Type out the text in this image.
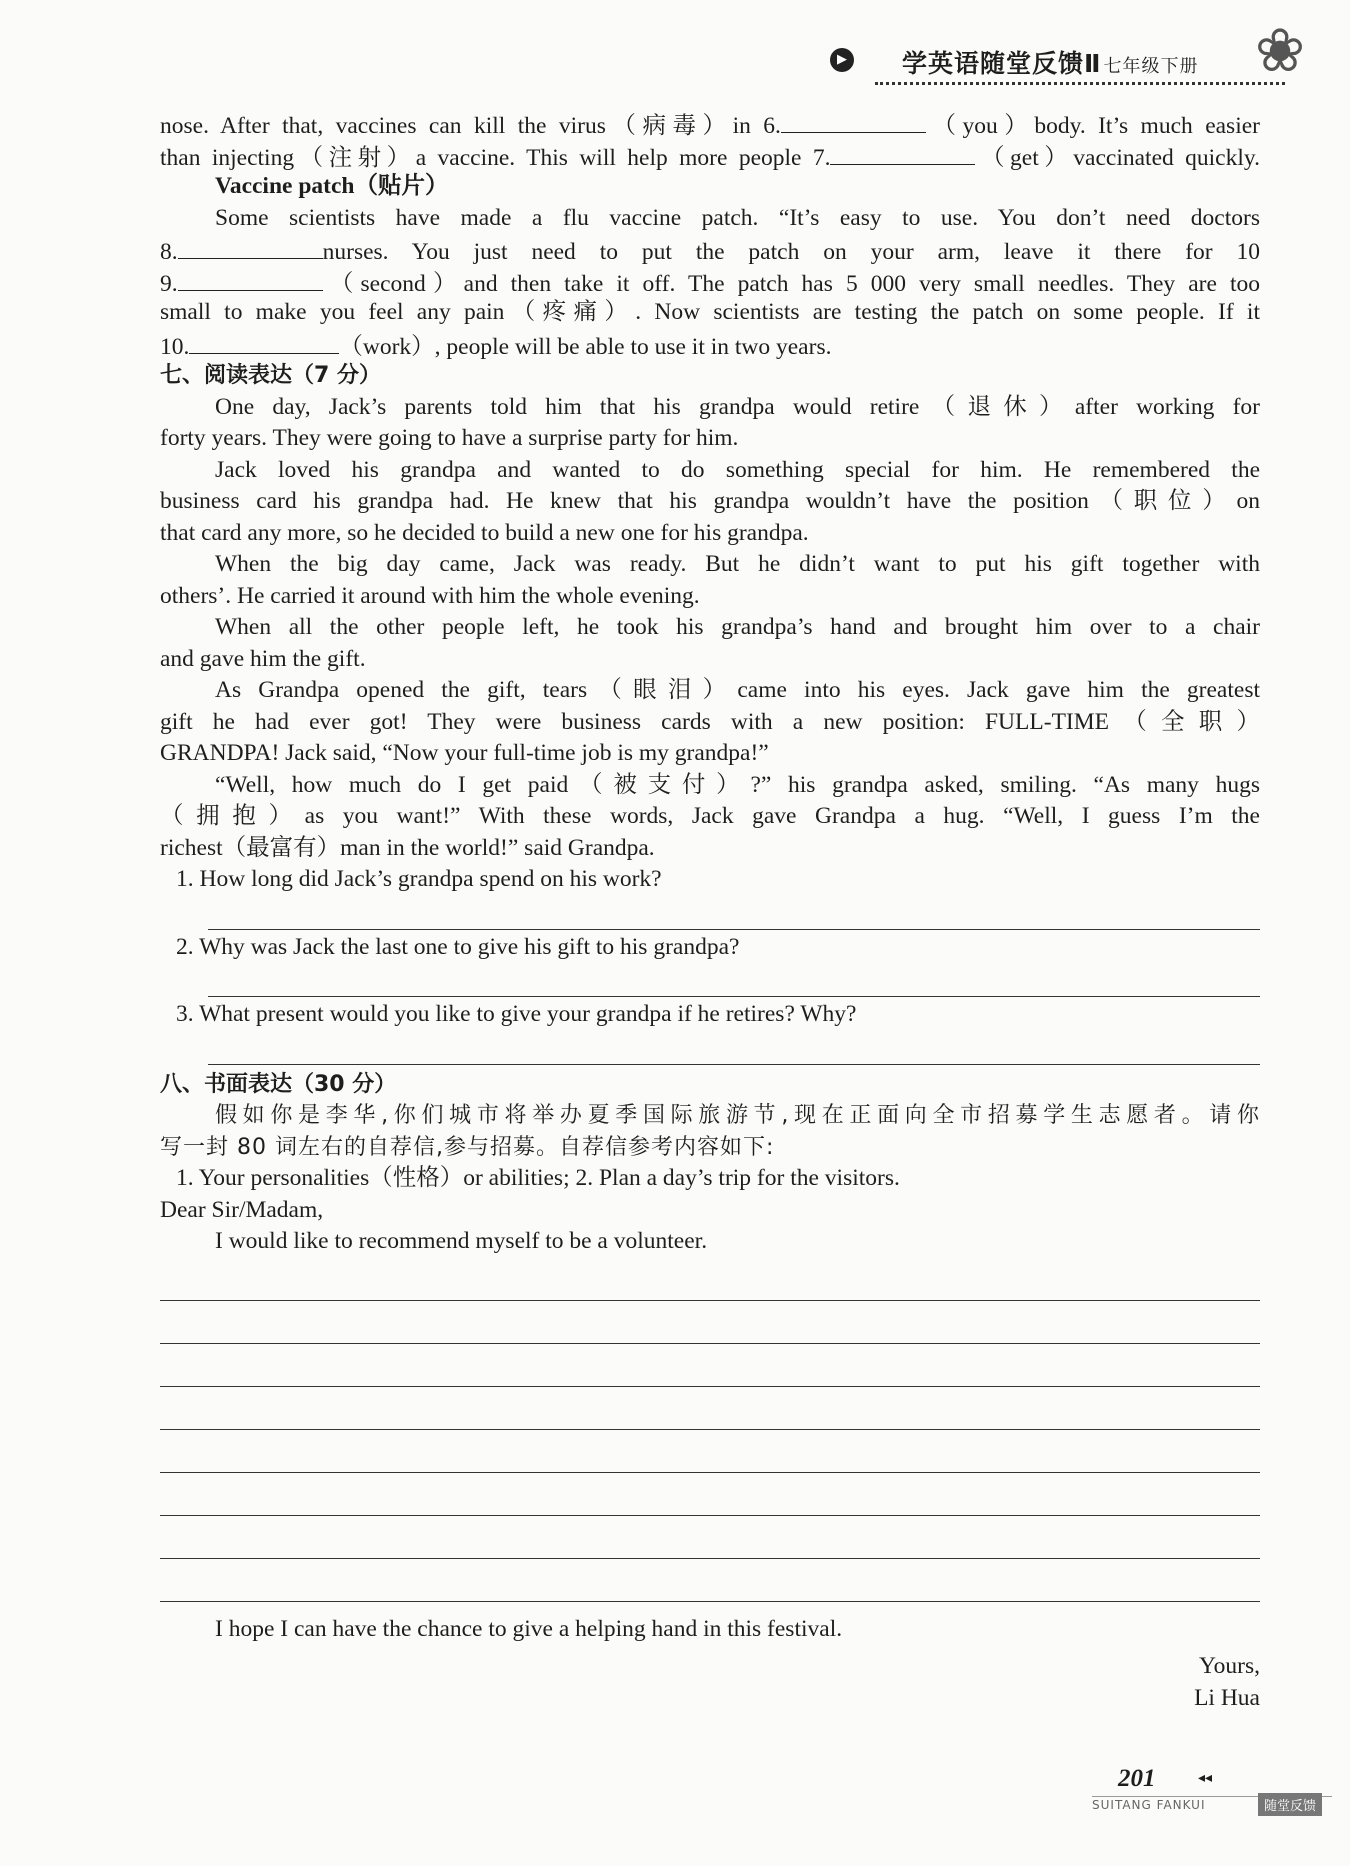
▶ 学英语随堂反馈Ⅱ 七年级下册 ❀
nose. After that, vaccines can kill the virus（病毒）in 6.	（you）body. It’s much easier
than injecting（注射）a vaccine. This will help more people 7.	（get）vaccinated quickly.
Vaccine patch（贴片）
Some scientists have made a flu vaccine patch. “It’s easy to use. You don’t need doctors
8.	nurses. You just need to put the patch on your arm, leave it there for 10
9.	（second）and then take it off. The patch has 5 000 very small needles. They are too
small to make you feel any pain（疼痛）. Now scientists are testing the patch on some people. If it
10.	（work）, people will be able to use it in two years.
七、阅读表达（7 分）
One day, Jack’s parents told him that his grandpa would retire（退休）after working for
forty years. They were going to have a surprise party for him.
Jack loved his grandpa and wanted to do something special for him. He remembered the
business card his grandpa had. He knew that his grandpa wouldn’t have the position（职位）on
that card any more, so he decided to build a new one for his grandpa.
When the big day came, Jack was ready. But he didn’t want to put his gift together with
others’. He carried it around with him the whole evening.
When all the other people left, he took his grandpa’s hand and brought him over to a chair
and gave him the gift.
As Grandpa opened the gift, tears（眼泪）came into his eyes. Jack gave him the greatest
gift he had ever got! They were business cards with a new position: FULL-TIME（全职）
GRANDPA! Jack said, “Now your full-time job is my grandpa!”
“Well, how much do I get paid（被支付）?” his grandpa asked, smiling. “As many hugs
（拥抱）as you want!” With these words, Jack gave Grandpa a hug. “Well, I guess I’m the
richest（最富有）man in the world!” said Grandpa.
1. How long did Jack’s grandpa spend on his work?
2. Why was Jack the last one to give his gift to his grandpa?
3. What present would you like to give your grandpa if he retires? Why?
八、书面表达（30 分）
假如你是李华,你们城市将举办夏季国际旅游节,现在正面向全市招募学生志愿者。请你
写一封 80 词左右的自荐信,参与招募。自荐信参考内容如下:
1. Your personalities（性格）or abilities; 2. Plan a day’s trip for the visitors.
Dear Sir/Madam,
I would like to recommend myself to be a volunteer.
I hope I can have the chance to give a helping hand in this festival.
Yours,
Li Hua
201	◂◂
SUITANG FANKUI	随堂反馈
